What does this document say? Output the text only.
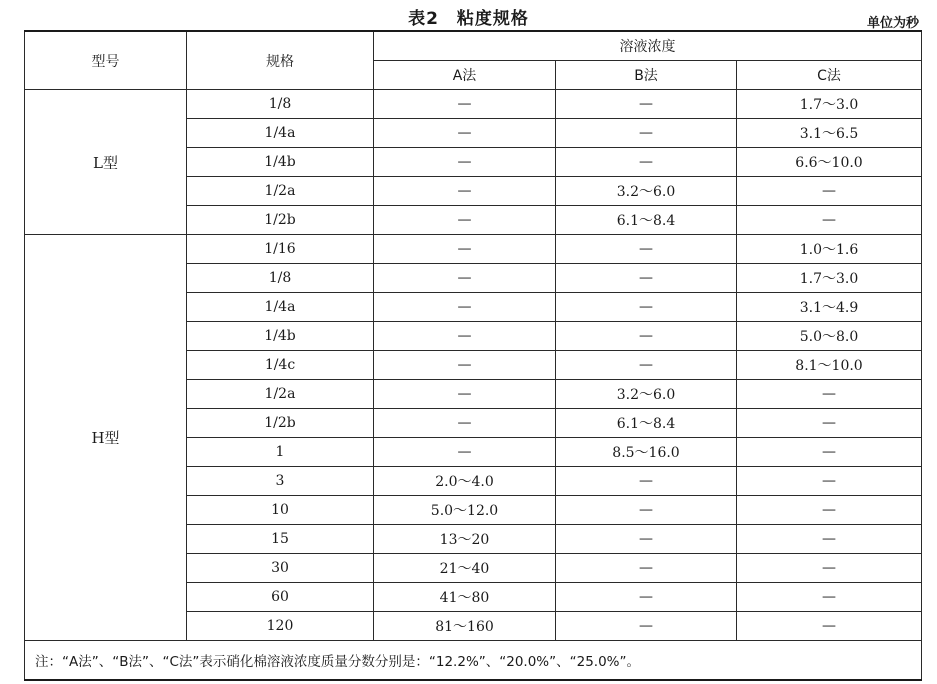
表2　粘度规格	单位为秒
型号	规格	溶液浓度		
		A法	B法	C法
L型	1/8	—	—	1.7～3.0
	1/4a	—	—	3.1～6.5
	1/4b	—	—	6.6～10.0
	1/2a	—	3.2～6.0	—
	1/2b	—	6.1～8.4	—
H型	1/16	—	—	1.0～1.6
	1/8	—	—	1.7～3.0
	1/4a	—	—	3.1～4.9
	1/4b	—	—	5.0～8.0
	1/4c	—	—	8.1～10.0
	1/2a	—	3.2～6.0	—
	1/2b	—	6.1～8.4	—
	1	—	8.5～16.0	—
	3	2.0～4.0	—	—
	10	5.0～12.0	—	—
	15	13～20	—	—
	30	21～40	—	—
	60	41～80	—	—
	120	81～160	—	—
注：“A法”、“B法”、“C法”表示硝化棉溶液浓度质量分数分别是：“12.2%”、“20.0%”、“25.0%”。				
